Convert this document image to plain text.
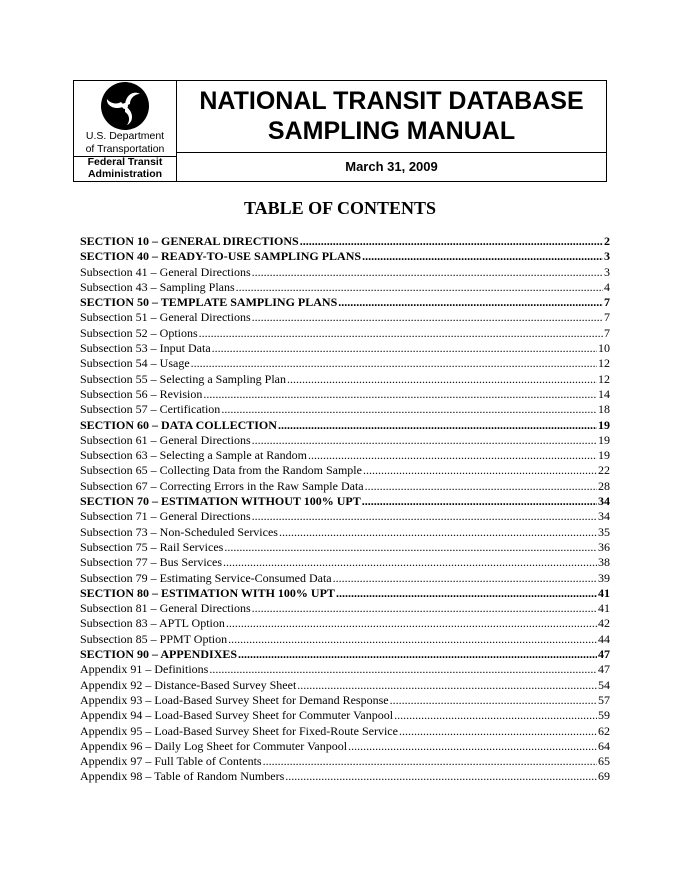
U.S. Department
of Transportation
Federal Transit
Administration
NATIONAL TRANSIT DATABASE
SAMPLING MANUAL
March 31, 2009
TABLE OF CONTENTS
SECTION 10 – GENERAL DIRECTIONS .....	2
SECTION 40 – READY-TO-USE SAMPLING PLANS .....	3
Subsection 41 – General Directions .....	3
Subsection 43 – Sampling Plans .....	4
SECTION 50 – TEMPLATE SAMPLING PLANS .....	7
Subsection 51 – General Directions .....	7
Subsection 52 – Options .....	7
Subsection 53 – Input Data .....	10
Subsection 54 – Usage .....	12
Subsection 55 – Selecting a Sampling Plan .....	12
Subsection 56 – Revision .....	14
Subsection 57 – Certification .....	18
SECTION 60 – DATA COLLECTION .....	19
Subsection 61 – General Directions .....	19
Subsection 63 – Selecting a Sample at Random .....	19
Subsection 65 – Collecting Data from the Random Sample .....	22
Subsection 67 – Correcting Errors in the Raw Sample Data .....	28
SECTION 70 – ESTIMATION WITHOUT 100% UPT .....	34
Subsection 71 – General Directions .....	34
Subsection 73 – Non-Scheduled Services .....	35
Subsection 75 – Rail Services .....	36
Subsection 77 – Bus Services .....	38
Subsection 79 – Estimating Service-Consumed Data .....	39
SECTION 80 – ESTIMATION WITH 100% UPT .....	41
Subsection 81 – General Directions .....	41
Subsection 83 – APTL Option .....	42
Subsection 85 – PPMT Option .....	44
SECTION 90 – APPENDIXES .....	47
Appendix 91 – Definitions .....	47
Appendix 92 – Distance-Based Survey Sheet .....	54
Appendix 93 – Load-Based Survey Sheet for Demand Response .....	57
Appendix 94 – Load-Based Survey Sheet for Commuter Vanpool .....	59
Appendix 95 – Load-Based Survey Sheet for Fixed-Route Service .....	62
Appendix 96 – Daily Log Sheet for Commuter Vanpool .....	64
Appendix 97 – Full Table of Contents .....	65
Appendix 98 – Table of Random Numbers .....	69
